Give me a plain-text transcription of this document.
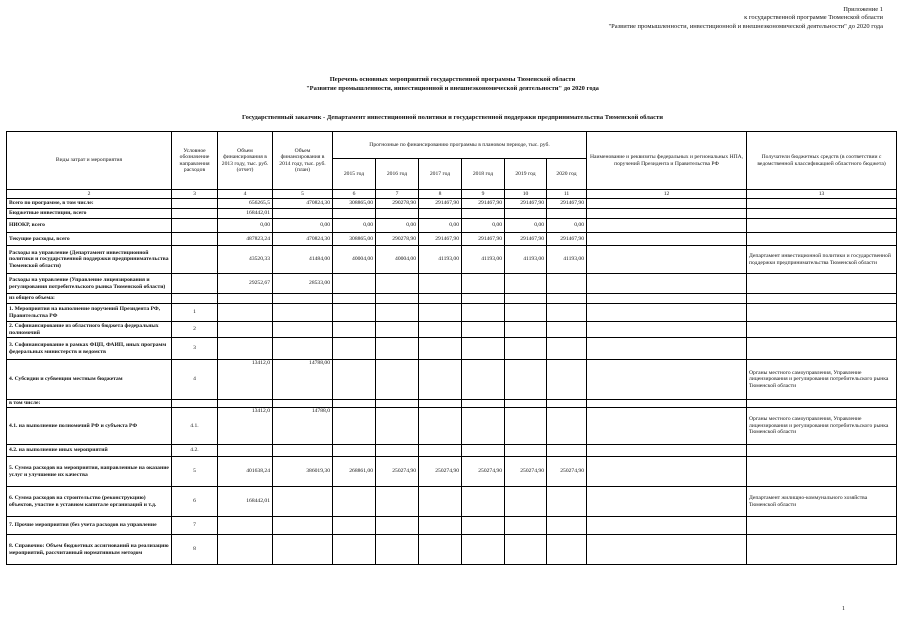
Приложение 1
к государственной программе Тюменской области
"Развитие промышленности, инвестиционной и внешнеэкономической деятельности" до 2020 года
Перечень основных мероприятий государственной программы Тюменской области
"Развитие промышленности, инвестиционной и внешнеэкономической деятельности" до 2020 года
Государственный заказчик - Департамент инвестиционной политики и государственной поддержки предпринимательства Тюменской области
Виды затрат и мероприятия	Условное обозначение направления расходов	Объем финансирования в 2013 году, тыс. руб. (отчет)	Объем финансирования в 2014 году, тыс. руб. (план)	Прогнозные по финансированию программы в плановом периоде, тыс. руб.						Наименование и реквизиты федеральных и региональных НПА, поручений Президента и Правительства РФ	Получатели бюджетных средств (в соответствии с ведомственной классификацией областного бюджета)
				2015 год	2016 год	2017 год	2018 год	2019 год	2020 год		
2	3	4	5	6	7	8	9	10	11	12	13
Всего по программе, в том числе:		656265,5	470824,30	308865,00	290278,90	291467,90	291467,90	291467,90	291467,90		
Бюджетные инвестиции, всего		168442,01									
НИОКР, всего		0,00	0,00	0,00	0,00	0,00	0,00	0,00	0,00		
Текущие расходы, всего		487823,24	470824,30	308865,00	290278,90	291467,90	291467,90	291467,90	291467,90		
Расходы на управление (Департамент инвестиционной политики и государственной поддержки предпринимательства Тюменской области)		43520,33	41484,00	40004,00	40004,00	41193,00	41193,00	41193,00	41193,00		Департамент инвестиционной политики и государственной поддержки предпринимательства Тюменской области
Расходы на управление (Управление лицензирования и регулирования потребительского рынка Тюменской области)		29252,67	28533,00								
из общего объема:											
1. Мероприятия на выполнение поручений Президента РФ, Правительства РФ	1										
2. Софинансирование из областного бюджета федеральных полномочий	2										
3. Софинансирование в рамках ФЦП, ФАИП, иных программ федеральных министерств и ведомств	3										
4. Субсидии и субвенции местным бюджетам	4	13412,0	14788,00								Органы местного самоуправления, Управление лицензирования и регулирования потребительского рынка Тюменской области
в том числе:											
4.1. на выполнение полномочий РФ и субъекта РФ	4.1.	13412,0	14788,0								Органы местного самоуправления, Управление лицензирования и регулирования потребительского рынка Тюменской области
4.2. на выполнение иных мероприятий	4.2.										
5. Сумма расходов на мероприятия, направленные на оказание услуг и улучшение их качества	5	401638,24	386019,30	268861,00	250274,90	250274,90	250274,90	250274,90	250274,90		
6. Сумма расходов на строительство (реконструкцию) объектов, участие в уставном капитале организаций и т.д.	6	168442,01									Департамент жилищно-коммунального хозяйства Тюменской области
7. Прочие мероприятия (без учета расходов на управление	7										
8. Справочно: Объем бюджетных ассигнований на реализацию мероприятий, рассчитанный нормативным методом	8										
1
